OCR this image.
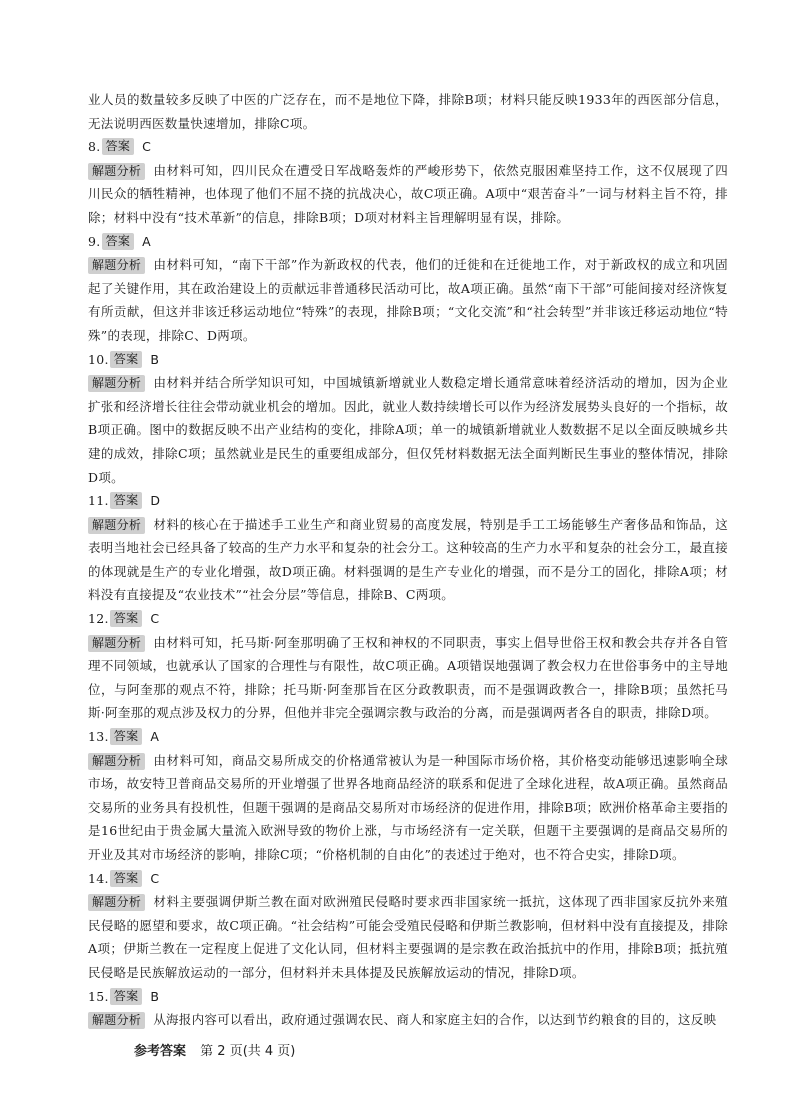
业人员的数量较多反映了中医的广泛存在，而不是地位下降，排除B项；材料只能反映1933年的西医部分信息，无法说明西医数量快速增加，排除C项。

8. 答案 C

解题分析 由材料可知，四川民众在遭受日军战略轰炸的严峻形势下，依然克服困难坚持工作，这不仅展现了四川民众的牺牲精神，也体现了他们不屈不挠的抗战决心，故C项正确。A项中“艰苦奋斗”一词与材料主旨不符，排除；材料中没有“技术革新”的信息，排除B项；D项对材料主旨理解明显有误，排除。

9. 答案 A

解题分析 由材料可知，“南下干部”作为新政权的代表，他们的迁徙和在迁徙地工作，对于新政权的成立和巩固起了关键作用，其在政治建设上的贡献远非普通移民活动可比，故A项正确。虽然“南下干部”可能间接对经济恢复有所贡献，但这并非该迁移运动地位“特殊”的表现，排除B项；“文化交流”和“社会转型”并非该迁移运动地位“特殊”的表现，排除C、D两项。

10. 答案 B

解题分析 由材料并结合所学知识可知，中国城镇新增就业人数稳定增长通常意味着经济活动的增加，因为企业扩张和经济增长往往会带动就业机会的增加。因此，就业人数持续增长可以作为经济发展势头良好的一个指标，故B项正确。图中的数据反映不出产业结构的变化，排除A项；单一的城镇新增就业人数数据不足以全面反映城乡共建的成效，排除C项；虽然就业是民生的重要组成部分，但仅凭材料数据无法全面判断民生事业的整体情况，排除D项。

11. 答案 D

解题分析 材料的核心在于描述手工业生产和商业贸易的高度发展，特别是手工工场能够生产奢侈品和饰品，这表明当地社会已经具备了较高的生产力水平和复杂的社会分工。这种较高的生产力水平和复杂的社会分工，最直接的体现就是生产的专业化增强，故D项正确。材料强调的是生产专业化的增强，而不是分工的固化，排除A项；材料没有直接提及“农业技术”“社会分层”等信息，排除B、C两项。

12. 答案 C

解题分析 由材料可知，托马斯·阿奎那明确了王权和神权的不同职责，事实上倡导世俗王权和教会共存并各自管理不同领域，也就承认了国家的合理性与有限性，故C项正确。A项错误地强调了教会权力在世俗事务中的主导地位，与阿奎那的观点不符，排除；托马斯·阿奎那旨在区分政教职责，而不是强调政教合一，排除B项；虽然托马斯·阿奎那的观点涉及权力的分界，但他并非完全强调宗教与政治的分离，而是强调两者各自的职责，排除D项。

13. 答案 A

解题分析 由材料可知，商品交易所成交的价格通常被认为是一种国际市场价格，其价格变动能够迅速影响全球市场，故安特卫普商品交易所的开业增强了世界各地商品经济的联系和促进了全球化进程，故A项正确。虽然商品交易所的业务具有投机性，但题干强调的是商品交易所对市场经济的促进作用，排除B项；欧洲价格革命主要指的是16世纪由于贵金属大量流入欧洲导致的物价上涨，与市场经济有一定关联，但题干主要强调的是商品交易所的开业及其对市场经济的影响，排除C项；“价格机制的自由化”的表述过于绝对，也不符合史实，排除D项。

14. 答案 C

解题分析 材料主要强调伊斯兰教在面对欧洲殖民侵略时要求西非国家统一抵抗，这体现了西非国家反抗外来殖民侵略的愿望和要求，故C项正确。“社会结构”可能会受殖民侵略和伊斯兰教影响，但材料中没有直接提及，排除A项；伊斯兰教在一定程度上促进了文化认同，但材料主要强调的是宗教在政治抵抗中的作用，排除B项；抵抗殖民侵略是民族解放运动的一部分，但材料并未具体提及民族解放运动的情况，排除D项。

15. 答案 B

解题分析 从海报内容可以看出，政府通过强调农民、商人和家庭主妇的合作，以达到节约粮食的目的，这反映

参考答案 第 2 页(共 4 页)
